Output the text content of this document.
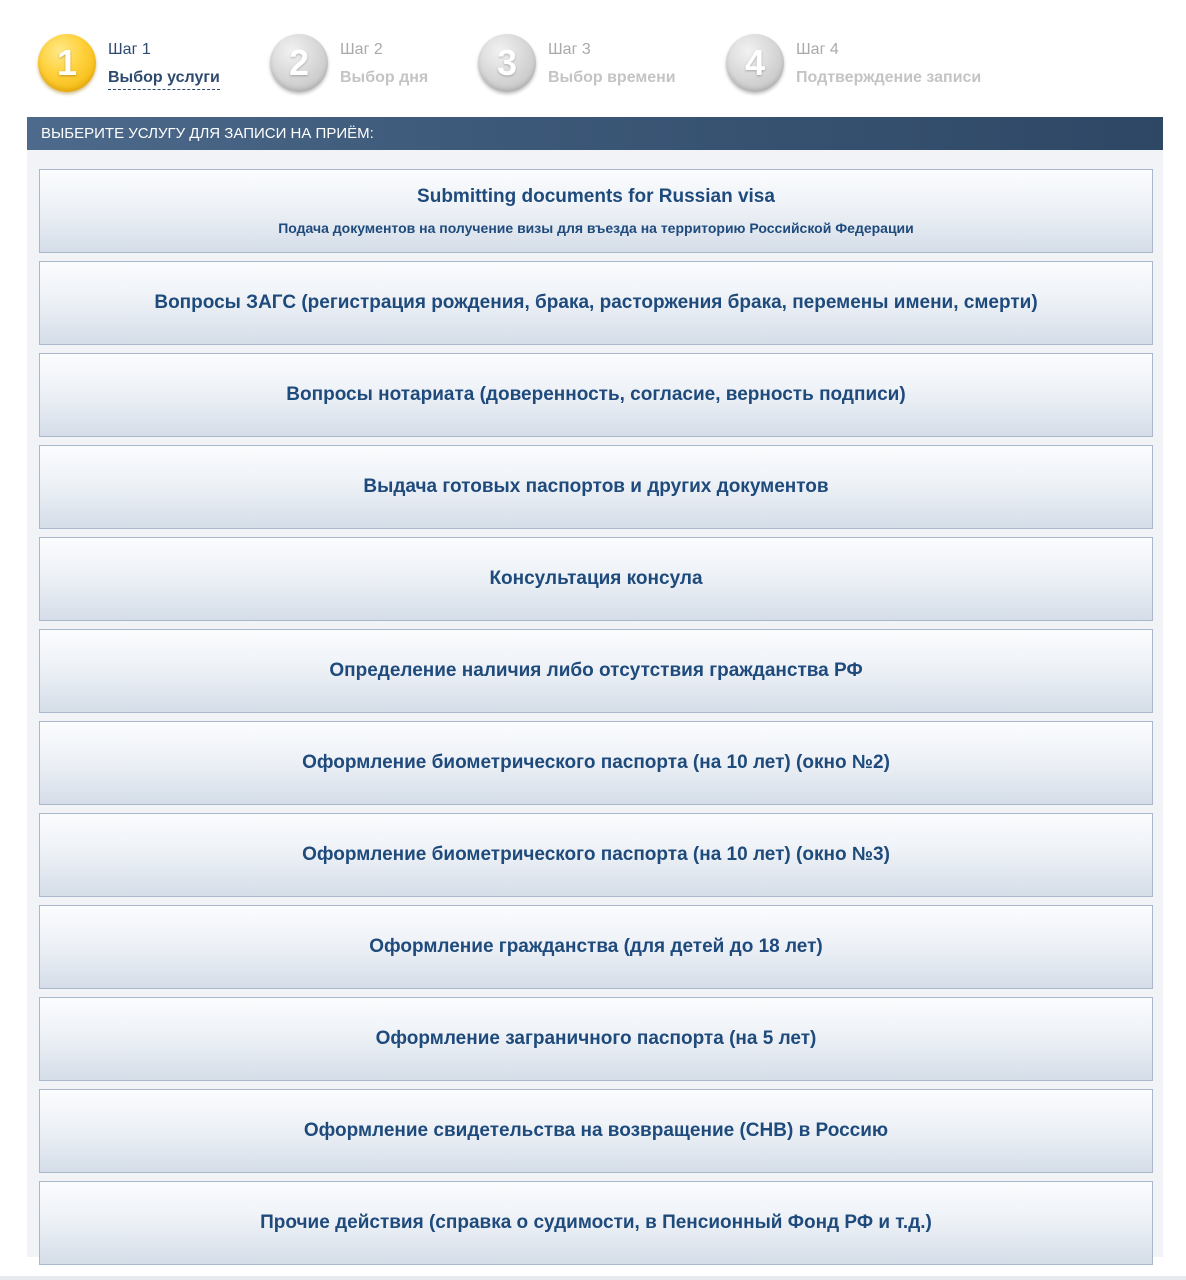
1	Шаг 1
Выбор услуги	2	Шаг 2
Выбор дня	3	Шаг 3
Выбор времени	4	Шаг 4
Подтверждение записи
ВЫБЕРИТЕ УСЛУГУ ДЛЯ ЗАПИСИ НА ПРИЁМ:
Submitting documents for Russian visa
Подача документов на получение визы для въезда на территорию Российской Федерации
Вопросы ЗАГС (регистрация рождения, брака, расторжения брака, перемены имени, смерти)
Вопросы нотариата (доверенность, согласие, верность подписи)
Выдача готовых паспортов и других документов
Консультация консула
Определение наличия либо отсутствия гражданства РФ
Оформление биометрического паспорта (на 10 лет) (окно №2)
Оформление биометрического паспорта (на 10 лет) (окно №3)
Оформление гражданства (для детей до 18 лет)
Оформление заграничного паспорта (на 5 лет)
Оформление свидетельства на возвращение (СНВ) в Россию
Прочие действия (справка о судимости, в Пенсионный Фонд РФ и т.д.)
